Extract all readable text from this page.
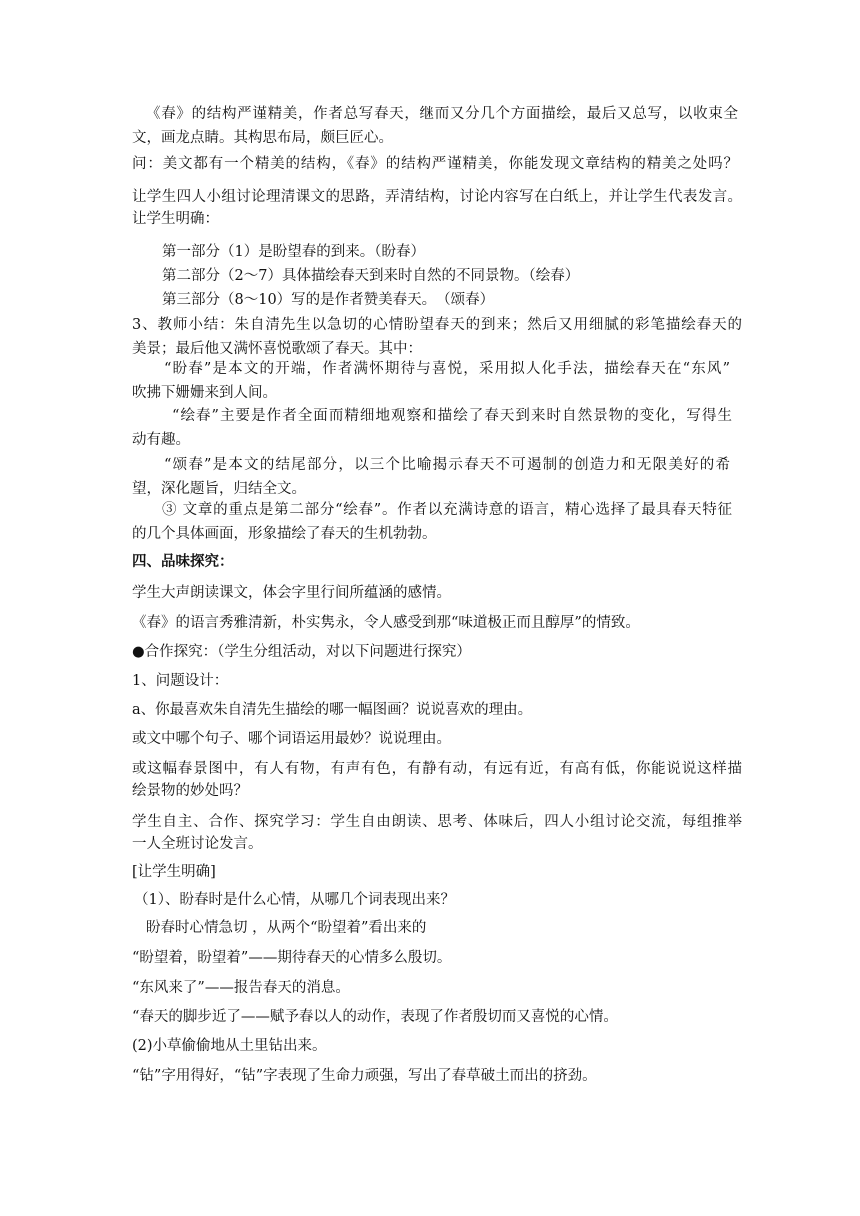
《春》的结构严谨精美，作者总写春天，继而又分几个方面描绘，最后又总写，以收束全
文，画龙点睛。其构思布局，颇巨匠心。
问：美文都有一个精美的结构，《春》的结构严谨精美，你能发现文章结构的精美之处吗？
让学生四人小组讨论理清课文的思路，弄清结构，讨论内容写在白纸上，并让学生代表发言。
让学生明确：
第一部分（1）是盼望春的到来。（盼春）
第二部分（2～7）具体描绘春天到来时自然的不同景物。（绘春）
第三部分（8～10）写的是作者赞美春天。　（颂春）
3、教师小结：朱自清先生以急切的心情盼望春天的到来；然后又用细腻的彩笔描绘春天的
美景；最后他又满怀喜悦歌颂了春天。其中：
“盼春”是本文的开端，作者满怀期待与喜悦，采用拟人化手法，描绘春天在“东风”
吹拂下姗姗来到人间。
“绘春”主要是作者全面而精细地观察和描绘了春天到来时自然景物的变化，写得生
动有趣。
“颂春”是本文的结尾部分，以三个比喻揭示春天不可遏制的创造力和无限美好的希
望，深化题旨，归结全文。
③ 文章的重点是第二部分“绘春”。作者以充满诗意的语言，精心选择了最具春天特征
的几个具体画面，形象描绘了春天的生机勃勃。
四、品味探究：
学生大声朗读课文，体会字里行间所蕴涵的感情。
《春》的语言秀雅清新，朴实隽永，令人感受到那“味道极正而且醇厚”的情致。
●合作探究：（学生分组活动，对以下问题进行探究）
1、问题设计：
a、你最喜欢朱自清先生描绘的哪一幅图画？说说喜欢的理由。
或文中哪个句子、哪个词语运用最妙？说说理由。
或这幅春景图中，有人有物，有声有色，有静有动，有远有近，有高有低，你能说说这样描
绘景物的妙处吗？
学生自主、合作、探究学习：学生自由朗读、思考、体味后，四人小组讨论交流，每组推举
一人全班讨论发言。
[让学生明确]
（1）、盼春时是什么心情，从哪几个词表现出来？
盼春时心情急切 ，从两个“盼望着”看出来的
“盼望着，盼望着”——期待春天的心情多么殷切。
“东风来了”——报告春天的消息。
“春天的脚步近了——赋予春以人的动作，表现了作者殷切而又喜悦的心情。
(2)小草偷偷地从土里钻出来。
“钻”字用得好，“钻”字表现了生命力顽强，写出了春草破土而出的挤劲。
